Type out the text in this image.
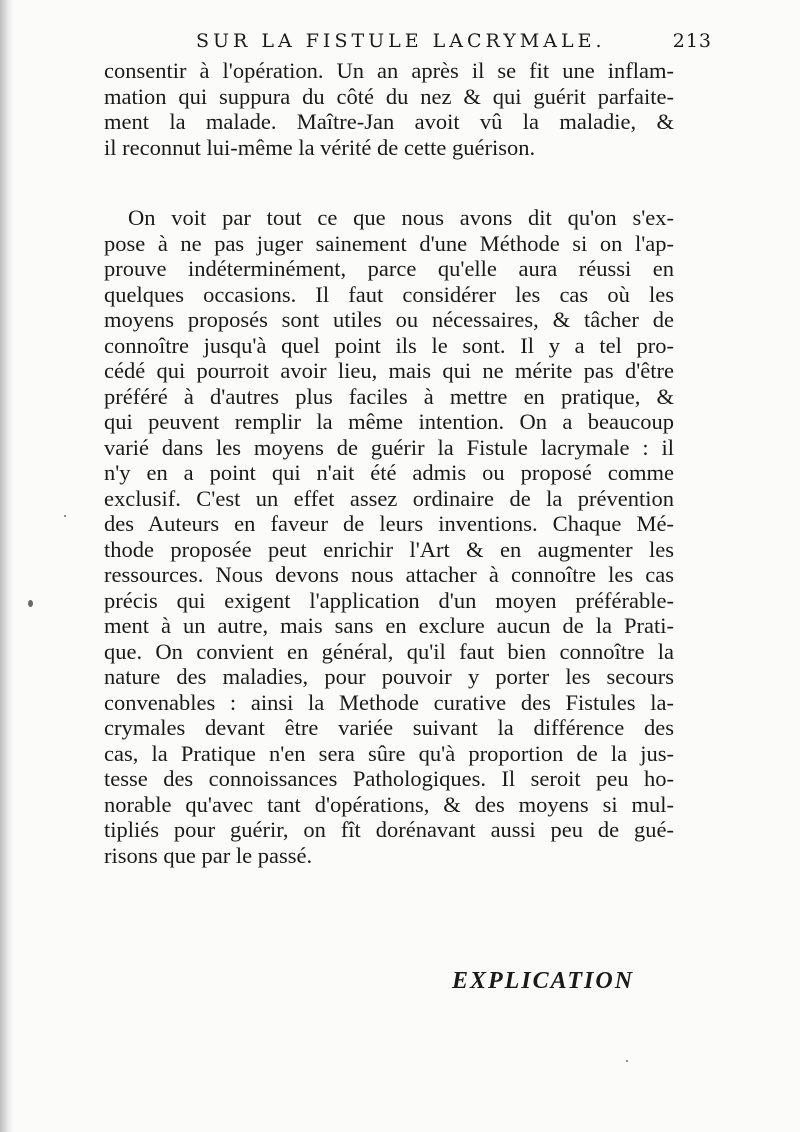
SUR LA FISTULE LACRYMALE.	213
consentir à l'opération. Un an après il se fit une inflam-
mation qui suppura du côté du nez & qui guérit parfaite-
ment la malade. Maître-Jan avoit vû la maladie, &
il reconnut lui-même la vérité de cette guérison.
On voit par tout ce que nous avons dit qu'on s'ex-
pose à ne pas juger sainement d'une Méthode si on l'ap-
prouve indéterminément, parce qu'elle aura réussi en
quelques occasions. Il faut considérer les cas où les
moyens proposés sont utiles ou nécessaires, & tâcher de
connoître jusqu'à quel point ils le sont. Il y a tel pro-
cédé qui pourroit avoir lieu, mais qui ne mérite pas d'être
préféré à d'autres plus faciles à mettre en pratique, &
qui peuvent remplir la même intention. On a beaucoup
varié dans les moyens de guérir la Fistule lacrymale : il
n'y en a point qui n'ait été admis ou proposé comme
exclusif. C'est un effet assez ordinaire de la prévention
des Auteurs en faveur de leurs inventions. Chaque Mé-
thode proposée peut enrichir l'Art & en augmenter les
ressources. Nous devons nous attacher à connoître les cas
précis qui exigent l'application d'un moyen préférable-
ment à un autre, mais sans en exclure aucun de la Prati-
que. On convient en général, qu'il faut bien connoître la
nature des maladies, pour pouvoir y porter les secours
convenables : ainsi la Methode curative des Fistules la-
crymales devant être variée suivant la différence des
cas, la Pratique n'en sera sûre qu'à proportion de la jus-
tesse des connoissances Pathologiques. Il seroit peu ho-
norable qu'avec tant d'opérations, & des moyens si mul-
tipliés pour guérir, on fît dorénavant aussi peu de gué-
risons que par le passé.
EXPLICATION
